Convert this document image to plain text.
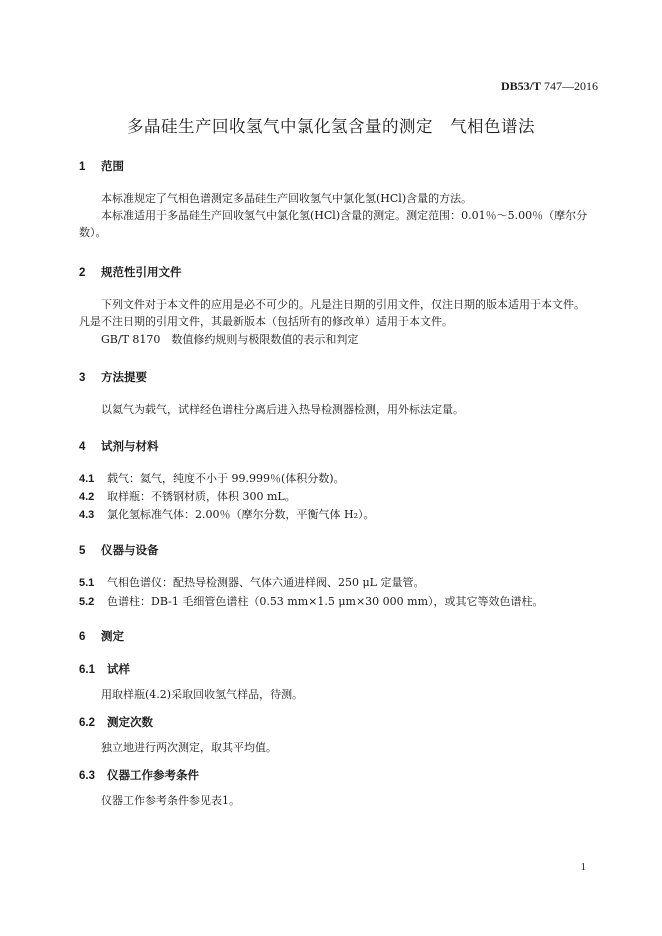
DB53/T 747—2016
多晶硅生产回收氢气中氯化氢含量的测定　气相色谱法
1 范围
本标准规定了气相色谱测定多晶硅生产回收氢气中氯化氢(HCl)含量的方法。
本标准适用于多晶硅生产回收氢气中氯化氢(HCl)含量的测定。测定范围：0.01％～5.00％（摩尔分数）。
2 规范性引用文件
下列文件对于本文件的应用是必不可少的。凡是注日期的引用文件，仅注日期的版本适用于本文件。凡是不注日期的引用文件，其最新版本（包括所有的修改单）适用于本文件。
GB/T 8170　数值修约规则与极限数值的表示和判定
3 方法提要
以氦气为载气，试样经色谱柱分离后进入热导检测器检测，用外标法定量。
4 试剂与材料
4.1 载气：氦气，纯度不小于 99.999％(体积分数)。
4.2 取样瓶：不锈钢材质，体积 300 mL。
4.3 氯化氢标准气体：2.00％（摩尔分数，平衡气体 H₂）。
5 仪器与设备
5.1 气相色谱仪：配热导检测器、气体六通进样阀、250 μL 定量管。
5.2 色谱柱：DB-1 毛细管色谱柱（0.53 mm×1.5 μm×30 000 mm），或其它等效色谱柱。
6 测定
6.1 试样
用取样瓶(4.2)采取回收氢气样品，待测。
6.2 测定次数
独立地进行两次测定，取其平均值。
6.3 仪器工作参考条件
仪器工作参考条件参见表1。
1
